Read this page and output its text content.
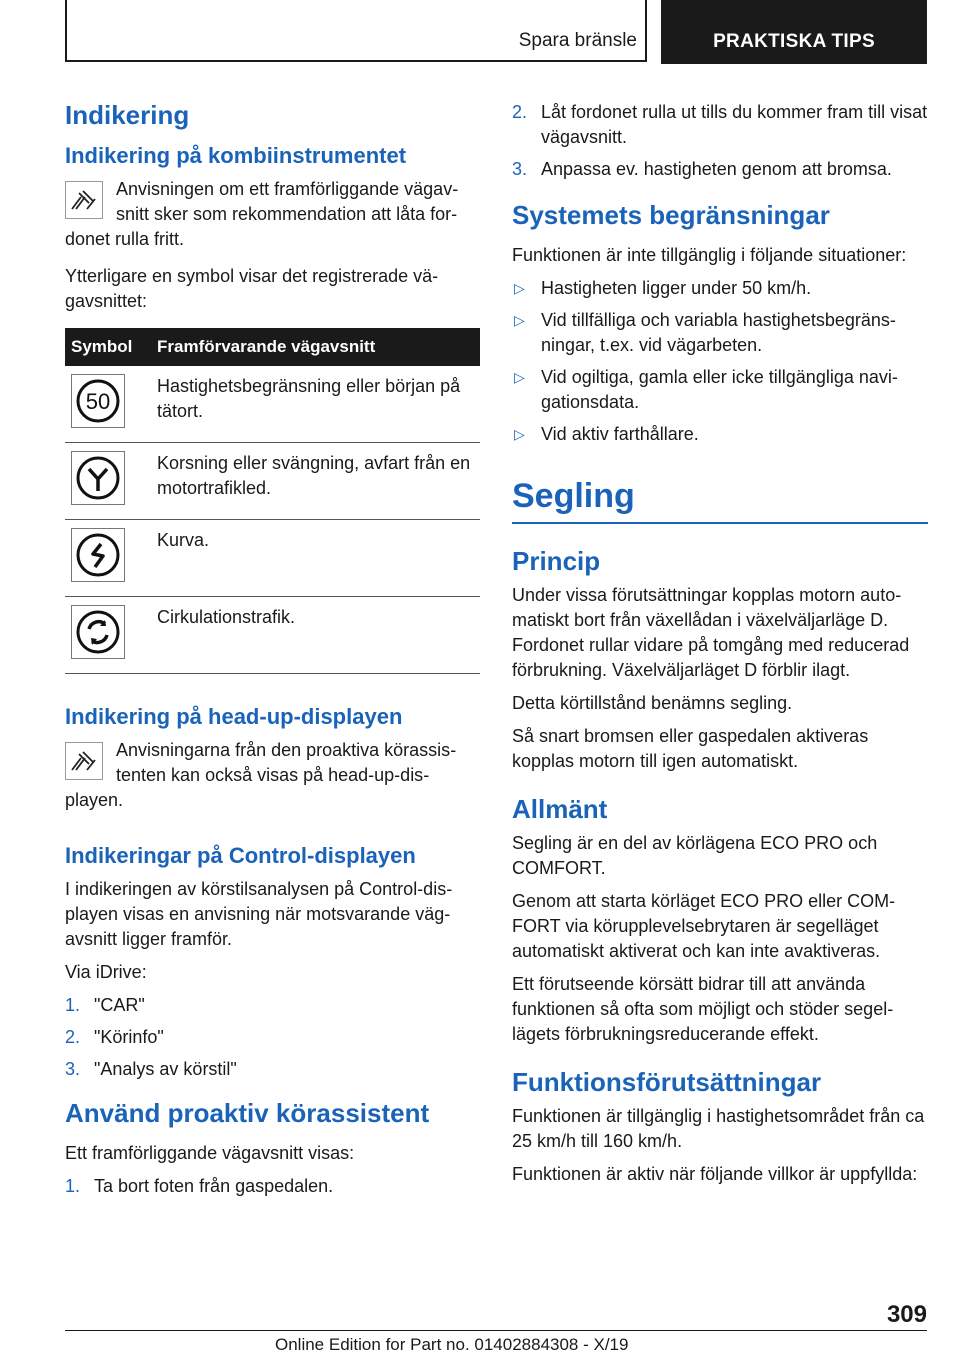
Spara bränsle	PRAKTISKA TIPS
Indikering
Indikering på kombiinstrumentet
Anvisningen om ett framförliggande vägavsnitt sker som rekommendation att låta fordonet rulla fritt.

Ytterligare en symbol visar det registrerade vägavsnittet:

Symbol	Framförvarande vägavsnitt

50	Hastighetsbegränsning eller början på tätort.

	Korsning eller svängning, avfart från en motortrafikled.

	Kurva.

	Cirkulationstrafik.
Indikering på head-up-displayen
Anvisningarna från den proaktiva körassistenten kan också visas på head-up-displayen.
Indikeringar på Control-displayen

I indikeringen av körstilsanalysen på Control-displayen visas en anvisning när motsvarande vägavsnitt ligger framför.

Via iDrive:

1. "CAR"
2. "Körinfo"
3. "Analys av körstil"
Använd proaktiv körassistent

Ett framförliggande vägavsnitt visas:

1. Ta bort foten från gaspedalen.
2. Låt fordonet rulla ut tills du kommer fram till visat vägavsnitt.
3. Anpassa ev. hastigheten genom att bromsa.
Systemets begränsningar

Funktionen är inte tillgänglig i följande situationer:

▷ Hastigheten ligger under 50 km/h.
▷ Vid tillfälliga och variabla hastighetsbegränsningar, t.ex. vid vägarbeten.
▷ Vid ogiltiga, gamla eller icke tillgängliga navigationsdata.
▷ Vid aktiv farthållare.
Segling
Princip

Under vissa förutsättningar kopplas motorn automatiskt bort från växellådan i växelväljarläge D. Fordonet rullar vidare på tomgång med reducerad förbrukning. Växelväljarläget D förblir ilagt.

Detta körtillstånd benämns segling.

Så snart bromsen eller gaspedalen aktiveras kopplas motorn till igen automatiskt.

Allmänt

Segling är en del av körlägena ECO PRO och COMFORT.

Genom att starta körläget ECO PRO eller COMFORT via körupplevelsebrytaren är segelläget automatiskt aktiverat och kan inte avaktiveras.

Ett förutseende körsätt bidrar till att använda funktionen så ofta som möjligt och stöder segellägets förbrukningsreducerande effekt.

Funktionsförutsättningar

Funktionen är tillgänglig i hastighetsområdet från ca 25 km/h till 160 km/h.

Funktionen är aktiv när följande villkor är uppfyllda:

309
Online Edition for Part no. 01402884308 - X/19
